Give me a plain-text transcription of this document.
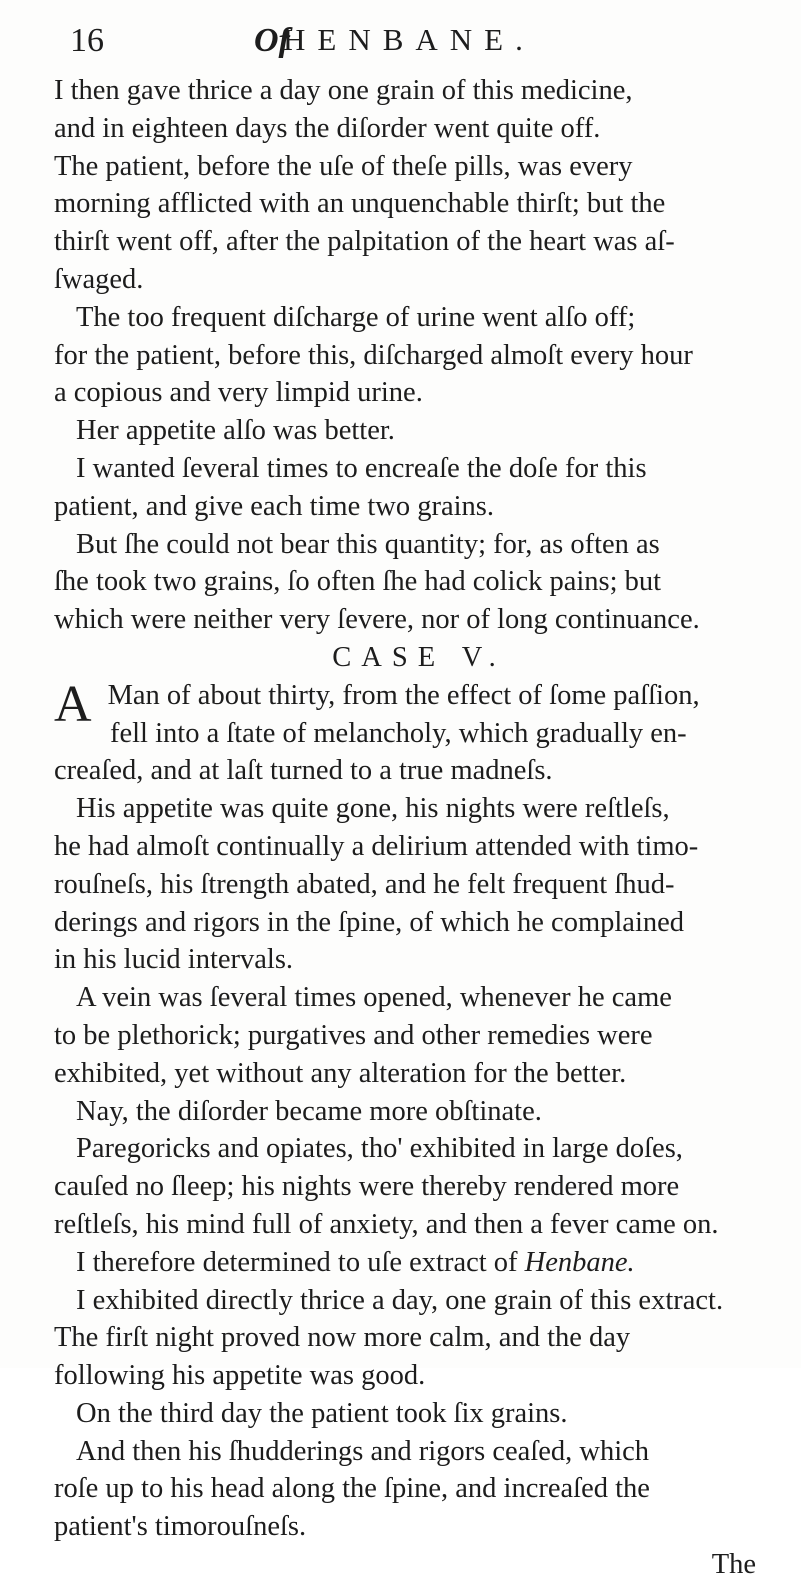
16	Of
HENBANE.
I then gave thrice a day one grain of this medicine,
and in eighteen days the diſorder went quite off.
The patient, before the uſe of theſe pills, was every
morning afflicted with an unquenchable thirſt; but the
thirſt went off, after the palpitation of the heart was aſ-
ſwaged.
The too frequent diſcharge of urine went alſo off;
for the patient, before this, diſcharged almoſt every hour
a copious and very limpid urine.
Her appetite alſo was better.
I wanted ſeveral times to encreaſe the doſe for this
patient, and give each time two grains.
But ſhe could not bear this quantity; for, as often as
ſhe took two grains, ſo often ſhe had colick pains; but
which were neither very ſevere, nor of long continuance.
CASE V.
A Man of about thirty, from the effect of ſome paſſion,
fell into a ſtate of melancholy, which gradually en-
creaſed, and at laſt turned to a true madneſs.
His appetite was quite gone, his nights were reſtleſs,
he had almoſt continually a delirium attended with timo-
rouſneſs, his ſtrength abated, and he felt frequent ſhud-
derings and rigors in the ſpine, of which he complained
in his lucid intervals.
A vein was ſeveral times opened, whenever he came
to be plethorick; purgatives and other remedies were
exhibited, yet without any alteration for the better.
Nay, the diſorder became more obſtinate.
Paregoricks and opiates, tho' exhibited in large doſes,
cauſed no ſleep; his nights were thereby rendered more
reſtleſs, his mind full of anxiety, and then a fever came on.
I therefore determined to uſe extract of Henbane.
I exhibited directly thrice a day, one grain of this extract.
The firſt night proved now more calm, and the day
following his appetite was good.
On the third day the patient took ſix grains.
And then his ſhudderings and rigors ceaſed, which
roſe up to his head along the ſpine, and increaſed the
patient's timorouſneſs.
The
